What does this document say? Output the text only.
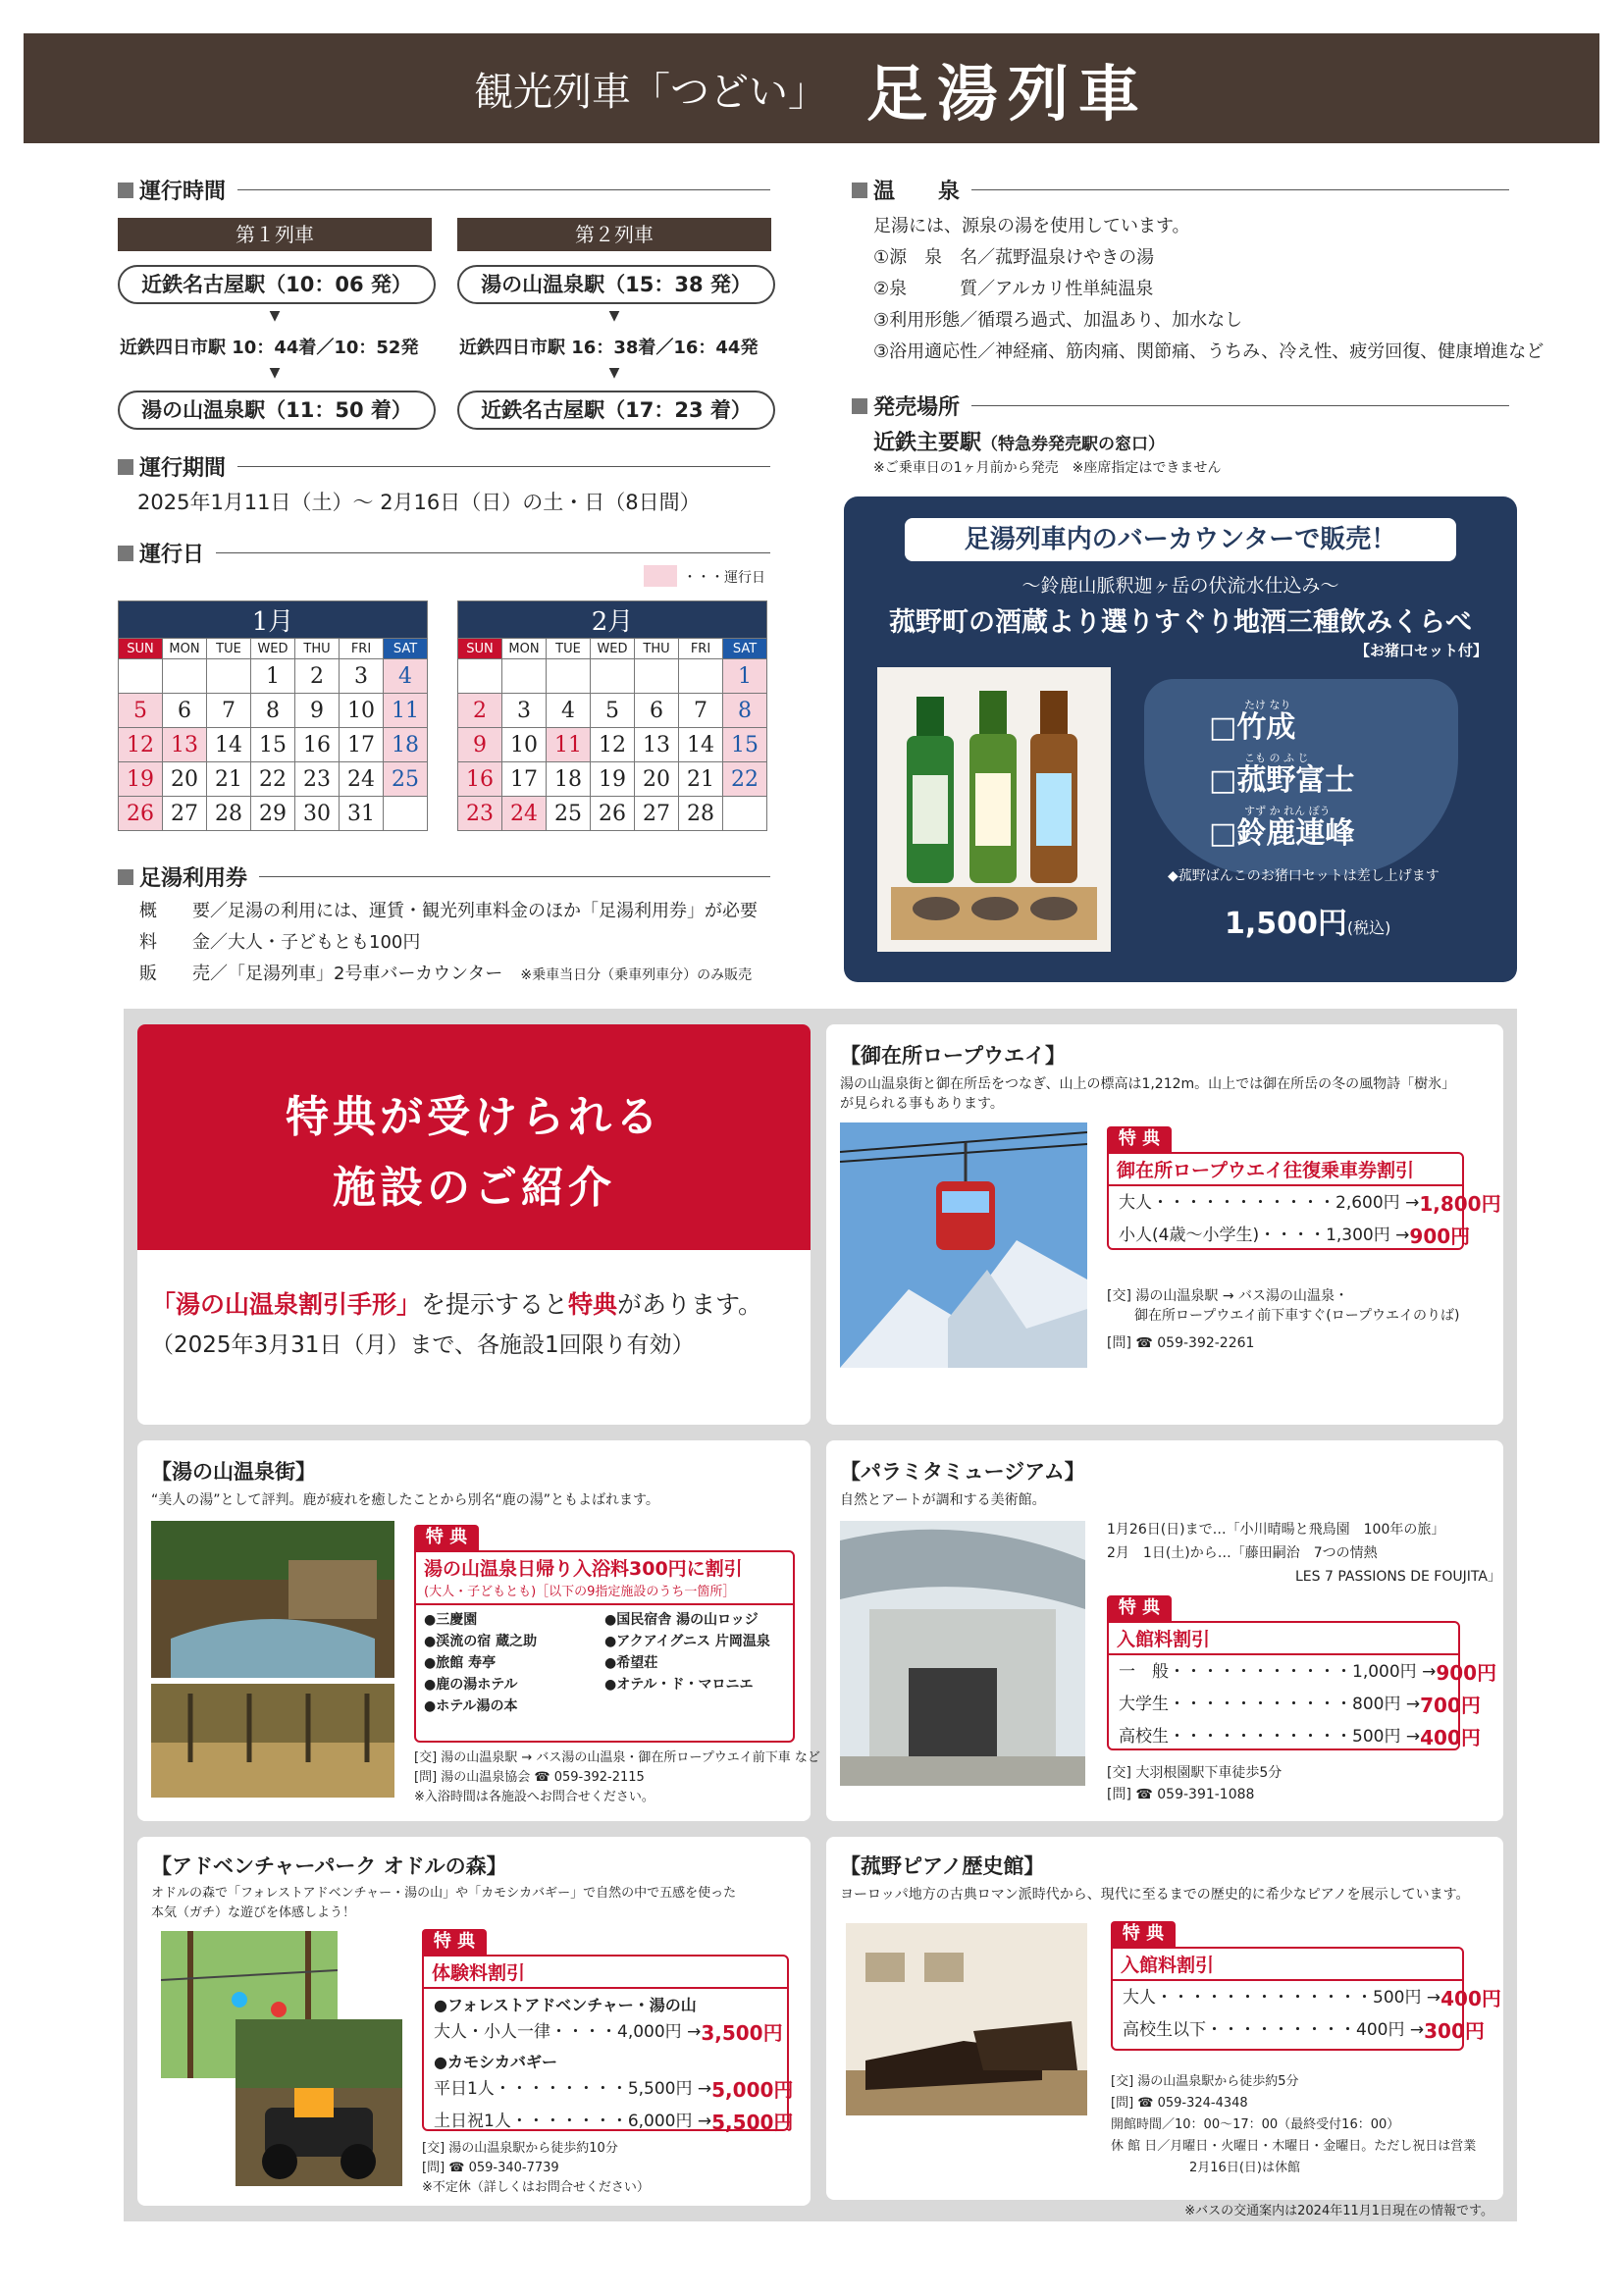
観光列車「つどい」 足湯列車
運行時間
第１列車
近鉄名古屋駅（10：06 発）
▼
近鉄四日市駅 10：44着／10：52発
▼
湯の山温泉駅（11：50 着）
第２列車
湯の山温泉駅（15：38 発）
▼
近鉄四日市駅 16：38着／16：44発
▼
近鉄名古屋駅（17：23 着）
運行期間
2025年1月11日（土）～ 2月16日（日）の土・日（8日間）
運行日
・・・運行日
1月						
SUN	MON	TUE	WED	THU	FRI	SAT
			1	2	3	4
5	6	7	8	9	10	11
12	13	14	15	16	17	18
19	20	21	22	23	24	25
26	27	28	29	30	31	
2月						
SUN	MON	TUE	WED	THU	FRI	SAT
						1
2	3	4	5	6	7	8
9	10	11	12	13	14	15
16	17	18	19	20	21	22
23	24	25	26	27	28	
足湯利用券
概　　要／足湯の利用には、運賃・観光列車料金のほか「足湯利用券」が必要
料　　金／大人・子どもとも100円
販　　売／「足湯列車」2号車バーカウンター　 ※乗車当日分（乗車列車分）のみ販売
温　　泉
足湯には、源泉の湯を使用しています。
①源　泉　名／菰野温泉けやきの湯
②泉　　　質／アルカリ性単純温泉
③利用形態／循環ろ過式、加温あり、加水なし
③浴用適応性／神経痛、筋肉痛、関節痛、うちみ、冷え性、疲労回復、健康増進など
発売場所
近鉄主要駅（特急券発売駅の窓口）
※ご乗車日の1ヶ月前から発売　※座席指定はできません
足湯列車内のバーカウンターで販売！
～鈴鹿山脈釈迦ヶ岳の伏流水仕込み～
菰野町の酒蔵より選りすぐり地酒三種飲みくらべ
【お猪口セット付】
たけ なり
□竹成
こも の ふ じ
□菰野富士
すず か れん ぽう
□鈴鹿連峰
◆菰野ばんこのお猪口セットは差し上げます
1,500円(税込)
特典が受けられる
施設のご紹介
「湯の山温泉割引手形」を提示すると特典があります。
（2025年3月31日（月）まで、各施設1回限り有効）
【御在所ロープウエイ】
湯の山温泉街と御在所岳をつなぎ、山上の標高は1,212m。山上では御在所岳の冬の風物詩「樹氷」
が見られる事もあります。
特 典
御在所ロープウエイ往復乗車券割引
大人・・・・・・・・・・・2,600円 → 1,800円
小人(4歳～小学生)・・・・1,300円 → 900円
[交] 湯の山温泉駅 → バス湯の山温泉・
　　御在所ロープウエイ前下車すぐ(ロープウエイのりば)
[問] ☎ 059-392-2261
【湯の山温泉街】
“美人の湯”として評判。鹿が疲れを癒したことから別名“鹿の湯”ともよばれます。
特 典
湯の山温泉日帰り入浴料300円に割引
(大人・子どもとも)［以下の9指定施設のうち一箇所］
●三慶園	●国民宿舎 湯の山ロッジ
●渓流の宿 蔵之助	●アクアイグニス 片岡温泉
●旅館 寿亭	●希望荘
●鹿の湯ホテル	●オテル・ド・マロニエ
●ホテル湯の本
[交] 湯の山温泉駅 → バス湯の山温泉・御在所ロープウエイ前下車 など
[問] 湯の山温泉協会 ☎ 059-392-2115
※入浴時間は各施設へお問合せください。
【パラミタミュージアム】
自然とアートが調和する美術館。
1月26日(日)まで…「小川晴暘と飛鳥園　100年の旅」
2月　1日(土)から…「藤田嗣治　7つの情熱
LES 7 PASSIONS DE FOUJITA」
特 典
入館料割引
一　般・・・・・・・・・・・1,000円 → 900円
大学生・・・・・・・・・・・800円 → 700円
高校生・・・・・・・・・・・500円 → 400円
[交] 大羽根園駅下車徒歩5分
[問] ☎ 059-391-1088
【アドベンチャーパーク オドルの森】
オドルの森で「フォレストアドベンチャー・湯の山」や「カモシカバギー」で自然の中で五感を使った
本気（ガチ）な遊びを体感しよう！
特 典
体験料割引
●フォレストアドベンチャー・湯の山
大人・小人一律・・・・4,000円 → 3,500円
●カモシカバギー
平日1人・・・・・・・・5,500円 → 5,000円
土日祝1人・・・・・・・6,000円 → 5,500円
[交] 湯の山温泉駅から徒歩約10分
[問] ☎ 059-340-7739
※不定休（詳しくはお問合せください）
【菰野ピアノ歴史館】
ヨーロッパ地方の古典ロマン派時代から、現代に至るまでの歴史的に希少なピアノを展示しています。
特 典
入館料割引
大人・・・・・・・・・・・・・500円 → 400円
高校生以下・・・・・・・・・400円 → 300円
[交] 湯の山温泉駅から徒歩約5分
[問] ☎ 059-324-4348
開館時間／10：00～17：00（最終受付16：00）
休 館 日／月曜日・火曜日・木曜日・金曜日。ただし祝日は営業
2月16日(日)は休館
※バスの交通案内は2024年11月1日現在の情報です。
